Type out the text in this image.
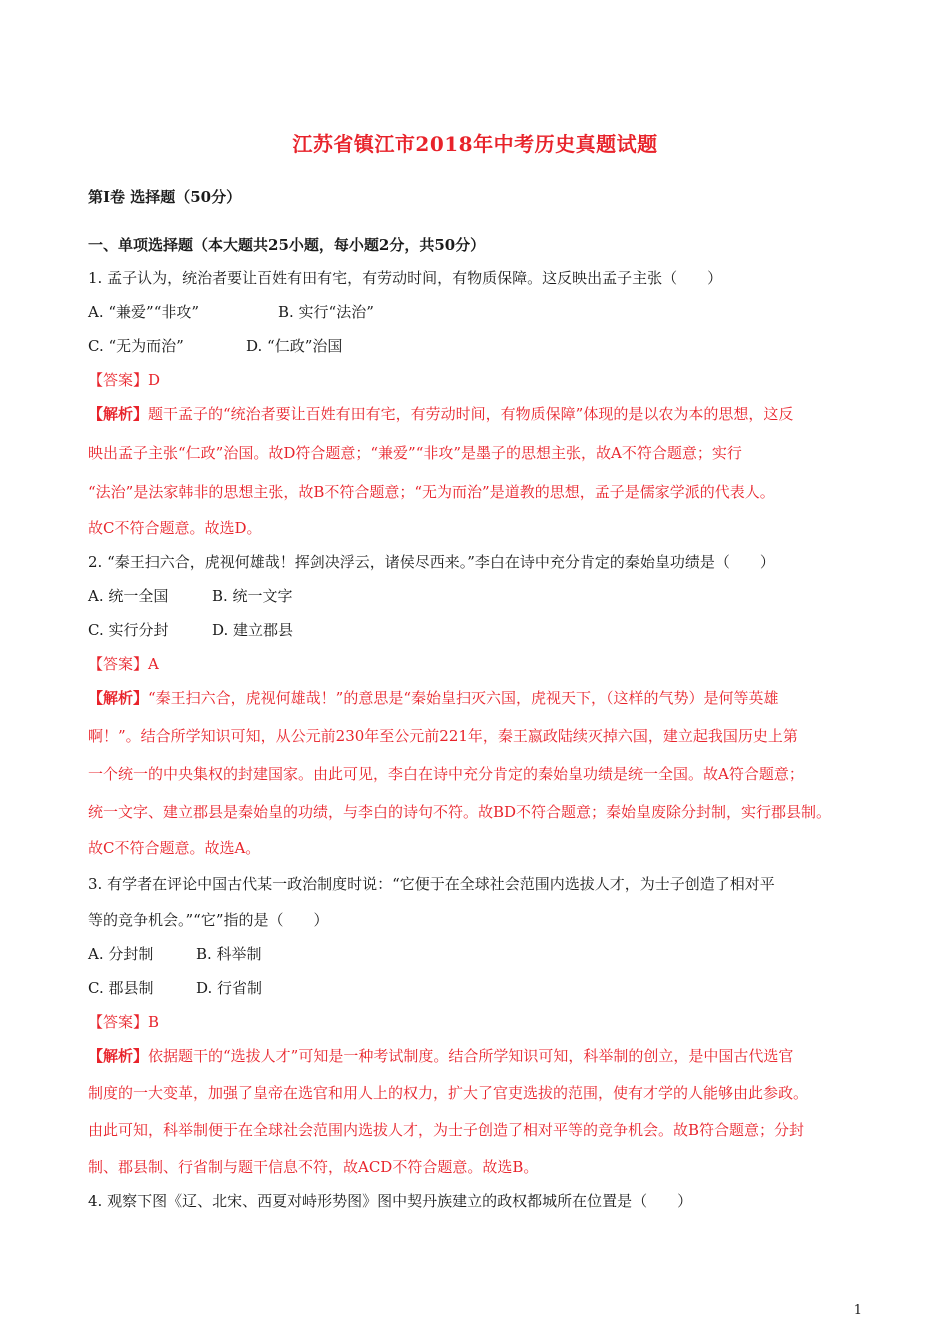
江苏省镇江市2018年中考历史真题试题
第Ⅰ卷 选择题（50分）
一、单项选择题（本大题共25小题，每小题2分，共50分）
1. 孟子认为，统治者要让百姓有田有宅，有劳动时间，有物质保障。这反映出孟子主张（　　）
A. “兼爱”“非攻”	B. 实行“法治”
C. “无为而治”	D. “仁政”治国
【答案】D
【解析】题干孟子的“统治者要让百姓有田有宅，有劳动时间，有物质保障”体现的是以农为本的思想，这反
映出孟子主张“仁政”治国。故D符合题意；“兼爱”“非攻”是墨子的思想主张，故A不符合题意；实行
“法治”是法家韩非的思想主张，故B不符合题意；“无为而治”是道教的思想，孟子是儒家学派的代表人。
故C不符合题意。故选D。
2. “秦王扫六合，虎视何雄哉！挥剑决浮云，诸侯尽西来。”李白在诗中充分肯定的秦始皇功绩是（　　）
A. 统一全国	B. 统一文字
C. 实行分封	D. 建立郡县
【答案】A
【解析】“秦王扫六合，虎视何雄哉！”的意思是“秦始皇扫灭六国，虎视天下，（这样的气势）是何等英雄
啊！”。结合所学知识可知，从公元前230年至公元前221年，秦王嬴政陆续灭掉六国，建立起我国历史上第
一个统一的中央集权的封建国家。由此可见，李白在诗中充分肯定的秦始皇功绩是统一全国。故A符合题意；
统一文字、建立郡县是秦始皇的功绩，与李白的诗句不符。故BD不符合题意；秦始皇废除分封制，实行郡县制。
故C不符合题意。故选A。
3. 有学者在评论中国古代某一政治制度时说：“它便于在全球社会范围内选拔人才，为士子创造了相对平
等的竞争机会。”“它”指的是（　　）
A. 分封制	B. 科举制
C. 郡县制	D. 行省制
【答案】B
【解析】依据题干的“选拔人才”可知是一种考试制度。结合所学知识可知，科举制的创立，是中国古代选官
制度的一大变革，加强了皇帝在选官和用人上的权力，扩大了官吏选拔的范围，使有才学的人能够由此参政。
由此可知，科举制便于在全球社会范围内选拔人才，为士子创造了相对平等的竞争机会。故B符合题意；分封
制、郡县制、行省制与题干信息不符，故ACD不符合题意。故选B。
4. 观察下图《辽、北宋、西夏对峙形势图》图中契丹族建立的政权都城所在位置是（　　）
1
